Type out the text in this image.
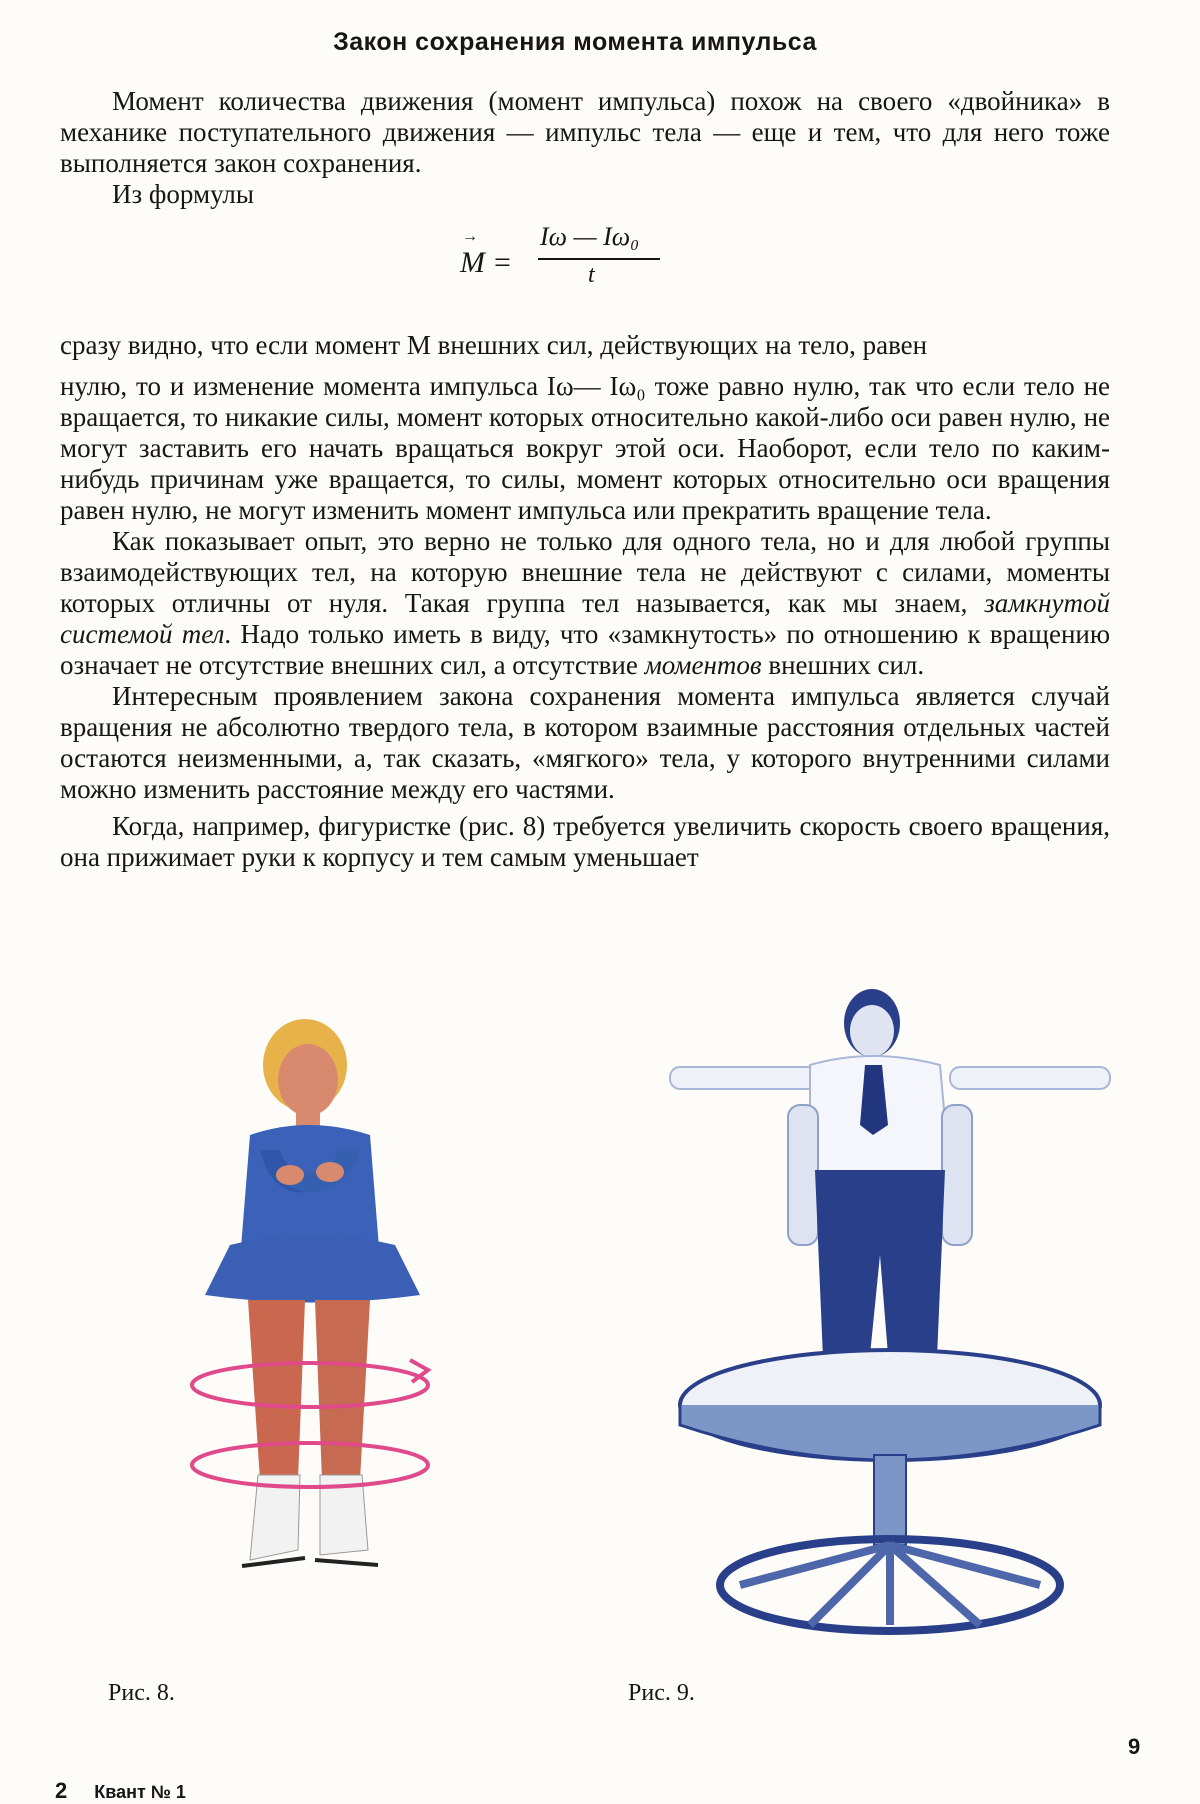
Закон сохранения момента импульса

Момент количества движения (момент импульса) похож на своего «двойника» в механике поступательного движения — импульс тела — еще и тем, что для него тоже выполняется закон сохранения.

Из формулы

→ M =
Iω — Iω₀
t

сразу видно, что если момент M внешних сил, действующих на тело, равен

нулю, то и изменение момента импульса Iω— Iω₀ тоже равно нулю, так что если тело не вращается, то никакие силы, момент которых относительно какой-либо оси равен нулю, не могут заставить его начать вращаться вокруг этой оси. Наоборот, если тело по каким-нибудь причинам уже вращается, то силы, момент которых относительно оси вращения равен нулю, не могут изменить момент импульса или прекратить вращение тела.

Как показывает опыт, это верно не только для одного тела, но и для любой группы взаимодействующих тел, на которую внешние тела не действуют с силами, моменты которых отличны от нуля. Такая группа тел называется, как мы знаем, замкнутой системой тел. Надо только иметь в виду, что «замкнутость» по отношению к вращению означает не отсутствие внешних сил, а отсутствие моментов внешних сил.

Интересным проявлением закона сохранения момента импульса является случай вращения не абсолютно твердого тела, в котором взаимные расстояния отдельных частей остаются неизменными, а, так сказать, «мягкого» тела, у которого внутренними силами можно изменить расстояние между его частями.

Когда, например, фигуристке (рис. 8) требуется увеличить скорость своего вращения, она прижимает руки к корпусу и тем самым уменьшает

Рис. 8.	Рис. 9.
9
2 Квант № 1
